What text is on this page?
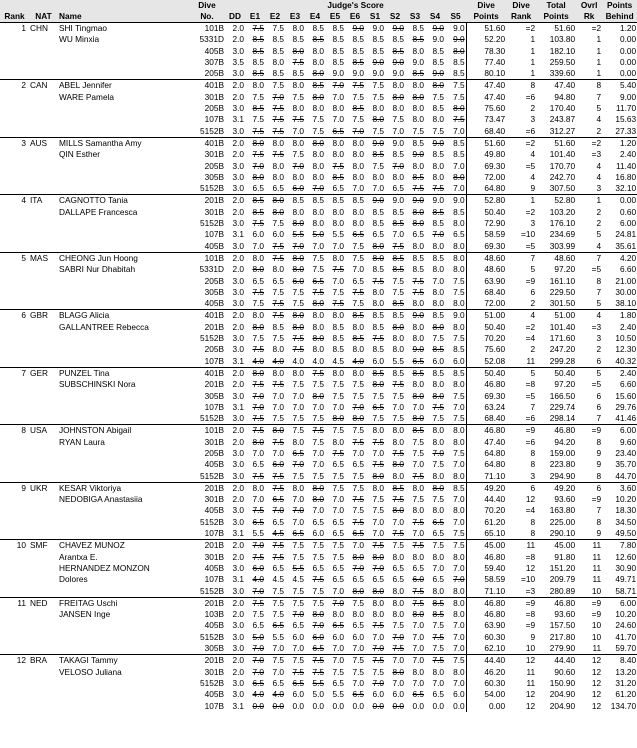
Rank	NAT	Name	Dive	DD	Judge's Score											Dive	Dive	Total	Ovrl	Points
			No.		E1	E2	E3	E4	E5	E6	S1	S2	S3	S4	S5	Points	Rank	Points	Rk	Behind
1	CHN	SHI Tingmao	101B	2.0	7.5	7.5	8.0	8.5	8.5	9.0	9.0	9.0	8.5	9.0	9.0	51.60	=2	51.60	=2	1.20
		WU Minxia	5331D	2.0	8.5	8.5	8.5	8.5	8.5	8.5	8.5	8.5	8.5	9.0	9.0	52.20	1	103.80	1	0.00
			405B	3.0	8.5	8.5	8.0	8.0	8.5	8.5	8.5	8.5	8.0	8.5	8.0	78.30	1	182.10	1	0.00
			307B	3.5	8.5	8.0	7.5	8.0	8.5	8.5	9.0	9.0	9.0	8.5	8.5	77.40	1	259.50	1	0.00
			205B	3.0	8.5	8.5	8.5	8.0	9.0	9.0	9.0	9.0	8.5	9.0	8.5	80.10	1	339.60	1	0.00
2	CAN	ABEL Jennifer	401B	2.0	8.0	7.5	8.0	8.5	7.0	7.5	7.5	8.0	8.0	8.0	7.5	47.40	8	47.40	8	5.40
		WARE Pamela	301B	2.0	7.5	7.0	7.5	8.0	7.0	7.5	7.5	8.0	8.0	7.5	7.5	47.40	=6	94.80	7	9.00
			205B	3.0	8.5	7.5	8.0	8.0	8.0	8.5	8.0	8.0	8.0	8.5	8.0	75.60	2	170.40	5	11.70
			107B	3.1	7.5	7.5	7.5	7.5	7.0	7.5	8.0	7.5	8.0	8.0	7.5	73.47	3	243.87	4	15.63
			5152B	3.0	7.5	7.5	7.0	7.5	6.5	7.0	7.5	7.0	7.5	7.5	7.0	68.40	=6	312.27	2	27.33
3	AUS	MILLS Samantha Amy	401B	2.0	8.0	8.0	8.0	8.0	8.0	8.0	9.0	9.0	8.5	9.0	8.5	51.60	=2	51.60	=2	1.20
		QIN Esther	301B	2.0	7.5	7.5	7.5	8.0	8.0	8.0	8.5	8.5	9.0	8.5	8.5	49.80	4	101.40	=3	2.40
			205B	3.0	7.0	8.0	7.0	8.0	7.5	8.0	7.5	7.0	8.0	8.0	7.0	69.30	=5	170.70	4	11.40
			305B	3.0	8.0	8.0	8.0	8.0	8.5	8.0	8.0	8.0	8.5	8.0	8.0	72.00	4	242.70	4	16.80
			5152B	3.0	6.5	6.5	6.0	7.0	6.5	7.0	7.0	6.5	7.5	7.5	7.0	64.80	9	307.50	3	32.10
4	ITA	CAGNOTTO Tania	201B	2.0	8.5	8.0	8.5	8.5	8.5	8.5	9.0	9.0	9.0	9.0	9.0	52.80	1	52.80	1	0.00
		DALLAPE Francesca	301B	2.0	8.5	8.0	8.0	8.0	8.0	8.0	8.5	8.5	8.0	8.5	8.5	50.40	=2	103.20	2	0.60
			5152B	3.0	7.5	7.5	8.0	8.0	8.0	8.0	8.5	8.5	8.0	8.5	8.0	72.90	3	176.10	2	6.00
			107B	3.1	6.0	6.0	5.5	5.0	5.5	6.5	6.5	7.0	6.5	7.0	6.5	58.59	=10	234.69	5	24.81
			405B	3.0	7.0	7.5	7.0	7.0	7.0	7.5	8.0	7.5	8.0	8.0	8.0	69.30	=5	303.99	4	35.61
5	MAS	CHEONG Jun Hoong	101B	2.0	8.0	7.5	8.0	7.5	8.0	7.5	8.0	8.5	8.5	8.5	8.0	48.60	7	48.60	7	4.20
		SABRI Nur Dhabitah	5331D	2.0	8.0	8.0	8.0	7.5	7.5	7.0	8.5	8.5	8.5	8.0	8.0	48.60	5	97.20	=5	6.60
			205B	3.0	6.5	6.5	6.0	6.5	7.0	6.5	7.5	7.5	7.5	7.0	7.5	63.90	=9	161.10	8	21.00
			305B	3.0	7.5	7.5	7.5	7.5	7.5	7.5	8.0	7.5	7.5	8.0	7.5	68.40	6	229.50	7	30.00
			405B	3.0	7.5	7.5	7.5	8.0	7.5	7.5	8.0	8.5	8.0	8.0	8.0	72.00	2	301.50	5	38.10
6	GBR	BLAGG Alicia	401B	2.0	8.0	7.5	8.0	8.0	8.0	8.5	8.5	8.5	9.0	8.5	9.0	51.00	4	51.00	4	1.80
		GALLANTREE Rebecca	201B	2.0	8.0	8.5	8.0	8.0	8.5	8.0	8.5	8.0	8.0	8.0	8.0	50.40	=2	101.40	=3	2.40
			5152B	3.0	7.5	7.5	7.5	8.0	8.5	8.5	7.5	8.0	8.0	7.5	7.5	70.20	=4	171.60	3	10.50
			205B	3.0	7.5	8.0	7.5	8.0	8.5	8.0	8.5	8.0	9.0	8.5	8.5	75.60	2	247.20	2	12.30
			107B	3.1	4.0	4.0	4.0	4.0	4.5	4.0	6.0	5.5	6.5	6.0	6.0	52.08	11	299.28	6	40.32
7	GER	PUNZEL Tina	401B	2.0	8.0	8.0	8.0	7.5	8.0	8.0	8.5	8.5	8.5	8.5	8.5	50.40	5	50.40	5	2.40
		SUBSCHINSKI Nora	201B	2.0	7.5	7.5	7.5	7.5	7.5	7.5	8.0	7.5	8.0	8.0	8.0	46.80	=8	97.20	=5	6.60
			305B	3.0	7.0	7.0	7.0	8.0	7.5	7.5	7.5	7.5	8.0	8.0	7.5	69.30	=5	166.50	6	15.60
			107B	3.1	7.0	7.0	7.0	7.0	7.0	7.0	6.5	7.0	7.0	7.5	7.0	63.24	7	229.74	6	29.76
			5152B	3.0	7.5	7.5	7.5	7.5	8.0	8.0	7.5	7.5	8.0	7.5	7.5	68.40	=6	298.14	7	41.46
8	USA	JOHNSTON Abigail	101B	2.0	7.5	8.0	7.5	7.5	7.5	7.5	8.0	8.0	8.5	8.0	8.0	46.80	=9	46.80	=9	6.00
		RYAN Laura	301B	2.0	8.0	7.5	8.0	7.5	8.0	7.5	7.5	8.0	7.5	8.0	8.0	47.40	=6	94.20	8	9.60
			205B	3.0	7.0	7.0	6.5	7.0	7.5	7.0	7.0	7.5	7.5	7.0	7.5	64.80	8	159.00	9	23.40
			405B	3.0	6.5	6.0	7.0	7.0	6.5	6.5	7.5	8.0	7.0	7.5	7.0	64.80	8	223.80	9	35.70
			5152B	3.0	7.5	7.5	7.5	7.5	7.5	7.5	8.0	8.0	7.5	8.0	8.0	71.10	3	294.90	8	44.70
9	UKR	KESAR Viktoriya	201B	2.0	8.0	7.5	8.0	8.0	7.5	7.5	8.0	8.5	8.0	8.0	8.5	49.20	6	49.20	6	3.60
		NEDOBIGA Anastasiia	301B	2.0	7.0	6.5	7.0	8.0	7.0	7.5	7.5	7.5	7.5	7.5	7.0	44.40	12	93.60	=9	10.20
			405B	3.0	7.5	7.0	7.0	7.0	7.0	7.5	7.5	8.0	8.0	8.0	8.0	70.20	=4	163.80	7	18.30
			5152B	3.0	6.5	6.5	7.0	6.5	6.5	7.5	7.0	7.0	7.5	6.5	7.0	61.20	8	225.00	8	34.50
			107B	3.1	5.5	4.5	6.5	6.0	6.5	6.5	7.0	7.5	7.0	6.5	7.5	65.10	8	290.10	9	49.50
10	SMF	CHAVEZ MUNOZ	201B	2.0	7.0	7.5	7.5	7.5	7.5	7.0	7.5	7.5	7.5	7.5	7.5	45.00	11	45.00	11	7.80
		Arantxa E.	301B	2.0	7.5	7.5	7.5	7.5	7.5	8.0	8.0	8.0	8.0	8.0	8.0	46.80	=8	91.80	11	12.60
		HERNANDEZ MONZON	405B	3.0	6.0	6.5	5.5	6.5	6.5	7.0	7.0	6.5	6.5	7.0	7.0	59.40	12	151.20	11	30.90
		Dolores	107B	3.1	4.0	4.5	4.5	7.5	6.5	6.5	6.5	6.5	6.0	6.5	7.0	58.59	=10	209.79	11	49.71
			5152B	3.0	7.0	7.5	7.5	7.5	7.0	8.0	8.0	8.0	7.5	8.0	8.0	71.10	=3	280.89	10	58.71
11	NED	FREITAG Uschi	201B	2.0	7.5	7.5	7.5	7.5	7.0	7.5	8.0	8.0	7.5	8.5	8.0	46.80	=9	46.80	=9	6.00
		JANSEN Inge	103B	2.0	7.5	7.5	7.0	8.0	8.0	8.0	8.0	8.0	8.0	8.5	8.0	46.80	=8	93.60	=9	10.20
			405B	3.0	6.5	6.5	6.5	7.0	6.5	6.5	7.5	7.5	7.0	7.5	7.0	63.90	=9	157.50	10	24.60
			5152B	3.0	5.0	5.5	6.0	6.0	6.0	6.0	7.0	7.0	7.0	7.5	7.0	60.30	9	217.80	10	41.70
			305B	3.0	7.0	7.0	7.0	6.5	7.0	7.0	7.0	7.5	7.0	7.5	7.0	62.10	10	279.90	11	59.70
12	BRA	TAKAGI Tammy	201B	2.0	7.0	7.5	7.5	7.5	7.0	7.5	7.5	7.0	7.0	7.5	7.5	44.40	12	44.40	12	8.40
		VELOSO Juliana	301B	2.0	7.0	7.0	7.5	7.5	7.5	7.5	7.5	8.0	8.0	8.0	8.0	46.20	11	90.60	12	13.20
			5152B	3.0	6.5	6.5	6.5	5.5	6.5	7.0	7.0	7.0	7.0	7.0	7.0	60.30	11	150.90	12	31.20
			405B	3.0	4.0	4.0	6.0	5.0	5.5	6.5	6.0	6.0	6.5	6.5	6.0	54.00	12	204.90	12	61.20
			107B	3.1	0.0	0.0	0.0	0.0	0.0	0.0	0.0	0.0	0.0	0.0	0.0	0.00	12	204.90	12	134.70
